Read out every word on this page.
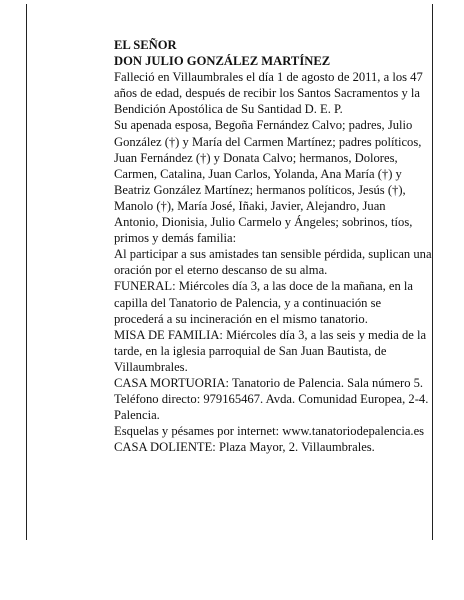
EL SEÑOR

DON JULIO GONZÁLEZ MARTÍNEZ

Falleció en Villaumbrales el día 1 de agosto de 2011, a los 47 años de edad, después de recibir los Santos Sacramentos y la Bendición Apostólica de Su Santidad D. E. P.

Su apenada esposa, Begoña Fernández Calvo; padres, Julio González (†) y María del Carmen Martínez; padres políticos, Juan Fernández (†) y Donata Calvo; hermanos, Dolores, Carmen, Catalina, Juan Carlos, Yolanda, Ana María (†) y Beatriz González Martínez; hermanos políticos, Jesús (†), Manolo (†), María José, Iñaki, Javier, Alejandro, Juan Antonio, Dionisia, Julio Carmelo y Ángeles; sobrinos, tíos, primos y demás familia:

Al participar a sus amistades tan sensible pérdida, suplican una oración por el eterno descanso de su alma.

FUNERAL: Miércoles día 3, a las doce de la mañana, en la capilla del Tanatorio de Palencia, y a continuación se procederá a su incineración en el mismo tanatorio.

MISA DE FAMILIA: Miércoles día 3, a las seis y media de la tarde, en la iglesia parroquial de San Juan Bautista, de Villaumbrales.

CASA MORTUORIA: Tanatorio de Palencia. Sala número 5. Teléfono directo: 979165467. Avda. Comunidad Europea, 2-4. Palencia.

Esquelas y pésames por internet: www.tanatoriodepalencia.es

CASA DOLIENTE: Plaza Mayor, 2. Villaumbrales.
